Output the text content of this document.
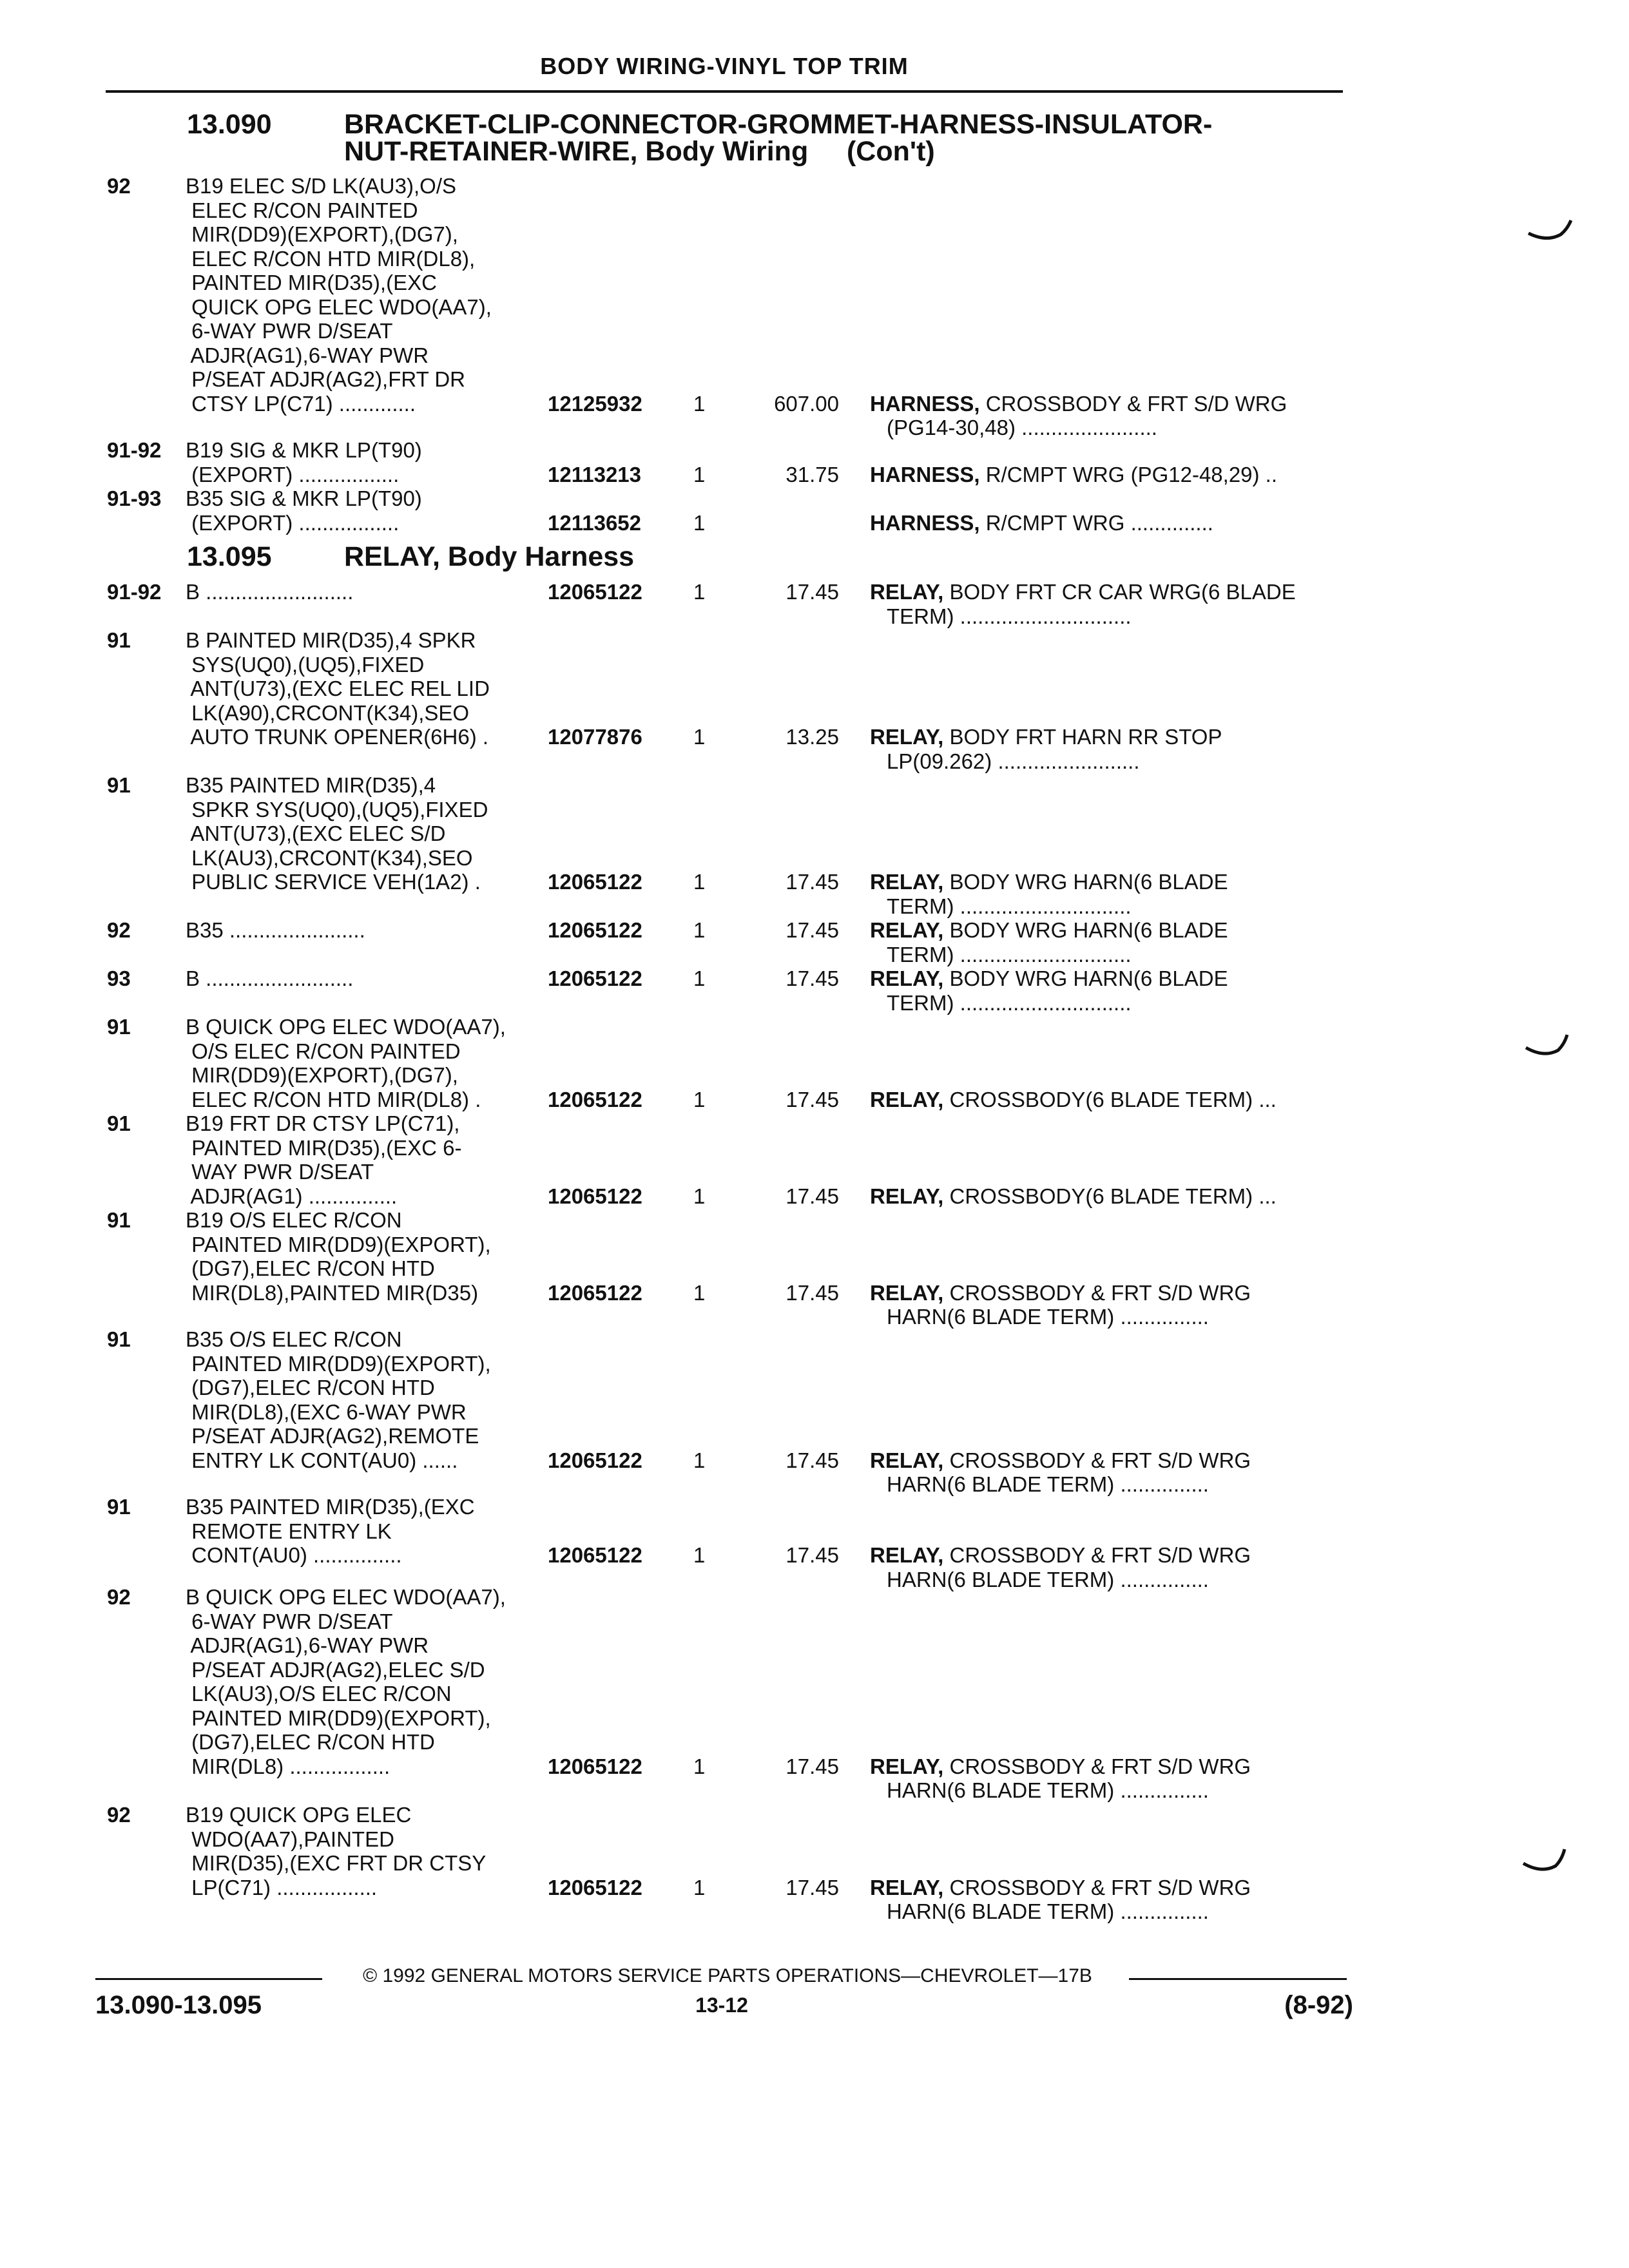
BODY WIRING-VINYL TOP TRIM
13.090	BRACKET-CLIP-CONNECTOR-GROMMET-HARNESS-INSULATOR-
NUT-RETAINER-WIRE, Body Wiring (Con't)
13.095	RELAY, Body Harness
92	B19 ELEC S/D LK(AU3),O/S
ELEC R/CON PAINTED
MIR(DD9)(EXPORT),(DG7),
ELEC R/CON HTD MIR(DL8),
PAINTED MIR(D35),(EXC
QUICK OPG ELEC WDO(AA7),
6-WAY PWR D/SEAT
ADJR(AG1),6-WAY PWR
P/SEAT ADJR(AG2),FRT DR
CTSY LP(C71) .............	12125932	1	607.00 HARNESS, CROSSBODY & FRT S/D WRG
(PG14-30,48) .......................
91-92 B19 SIG & MKR LP(T90)
(EXPORT) .................	12113213	1	31.75 HARNESS, R/CMPT WRG (PG12-48,29) ..
91-93 B35 SIG & MKR LP(T90)
(EXPORT) .................	12113652	1	HARNESS, R/CMPT WRG ..............
91-92 B .........................	12065122	1	17.45 RELAY, BODY FRT CR CAR WRG(6 BLADE
TERM) .............................
91	B PAINTED MIR(D35),4 SPKR
SYS(UQ0),(UQ5),FIXED
ANT(U73),(EXC ELEC REL LID
LK(A90),CRCONT(K34),SEO
AUTO TRUNK OPENER(6H6) .	12077876	1	13.25 RELAY, BODY FRT HARN RR STOP
LP(09.262) ........................
91	B35 PAINTED MIR(D35),4
SPKR SYS(UQ0),(UQ5),FIXED
ANT(U73),(EXC ELEC S/D
LK(AU3),CRCONT(K34),SEO
PUBLIC SERVICE VEH(1A2) .	12065122	1	17.45 RELAY, BODY WRG HARN(6 BLADE
TERM) .............................
92	B35 .......................	12065122	1	17.45 RELAY, BODY WRG HARN(6 BLADE
TERM) .............................
93	B .........................	12065122	1	17.45 RELAY, BODY WRG HARN(6 BLADE
TERM) .............................
91	B QUICK OPG ELEC WDO(AA7),
O/S ELEC R/CON PAINTED
MIR(DD9)(EXPORT),(DG7),
ELEC R/CON HTD MIR(DL8) .	12065122	1	17.45 RELAY, CROSSBODY(6 BLADE TERM) ...
91	B19 FRT DR CTSY LP(C71),
PAINTED MIR(D35),(EXC 6-
WAY PWR D/SEAT
ADJR(AG1) ...............	12065122	1	17.45 RELAY, CROSSBODY(6 BLADE TERM) ...
91	B19 O/S ELEC R/CON
PAINTED MIR(DD9)(EXPORT),
(DG7),ELEC R/CON HTD
MIR(DL8),PAINTED MIR(D35)	12065122	1	17.45 RELAY, CROSSBODY & FRT S/D WRG
HARN(6 BLADE TERM) ...............
91	B35 O/S ELEC R/CON
PAINTED MIR(DD9)(EXPORT),
(DG7),ELEC R/CON HTD
MIR(DL8),(EXC 6-WAY PWR
P/SEAT ADJR(AG2),REMOTE
ENTRY LK CONT(AU0) ......	12065122	1	17.45 RELAY, CROSSBODY & FRT S/D WRG
HARN(6 BLADE TERM) ...............
91	B35 PAINTED MIR(D35),(EXC
REMOTE ENTRY LK
CONT(AU0) ...............	12065122	1	17.45 RELAY, CROSSBODY & FRT S/D WRG
HARN(6 BLADE TERM) ...............
92	B QUICK OPG ELEC WDO(AA7),
6-WAY PWR D/SEAT
ADJR(AG1),6-WAY PWR
P/SEAT ADJR(AG2),ELEC S/D
LK(AU3),O/S ELEC R/CON
PAINTED MIR(DD9)(EXPORT),
(DG7),ELEC R/CON HTD
MIR(DL8) .................	12065122	1	17.45 RELAY, CROSSBODY & FRT S/D WRG
HARN(6 BLADE TERM) ...............
92	B19 QUICK OPG ELEC
WDO(AA7),PAINTED
MIR(D35),(EXC FRT DR CTSY
LP(C71) .................	12065122	1	17.45 RELAY, CROSSBODY & FRT S/D WRG
HARN(6 BLADE TERM) ...............
© 1992 GENERAL MOTORS SERVICE PARTS OPERATIONS—CHEVROLET—17B
13.090-13.095	13-12	(8-92)
